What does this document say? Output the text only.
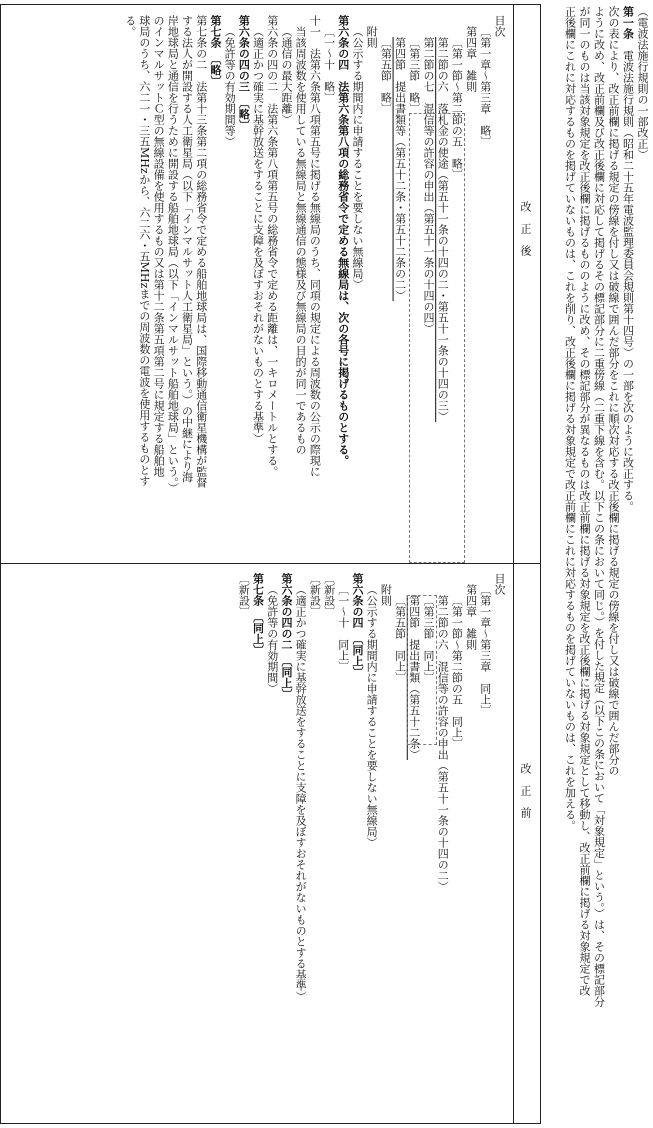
（電波法施行規則の一部改正）
第一条　電波法施行規則（昭和二十五年電波監理委員会規則第十四号）の一部を次のように改正する。
次の表により、改正前欄に掲げる規定の傍線を付し又は破線で囲んだ部分をこれに順次対応する改正後欄に掲げる規定の傍線を付し又は破線で囲んだ部分の
ように改め、改正前欄及び改正後欄に対応して掲げるその標記部分に二重傍線（二重下線を含む。以下この条において同じ。）を付した規定（以下この条において「対象規定」という。）は、その標記部分
が同一のものは当該対象規定を改正後欄に掲げるもののように改め、その標記部分が異なるものは改正前欄に掲げる対象規定を改正後欄に掲げる対象規定として移動し、改正前欄に掲げる対象規定で改
正後欄にこれに対応するものを掲げていないものは、これを削り、改正後欄に掲げる対象規定で改正前欄にこれに対応するものを掲げていないものは、これを加える。
改　正　後
改　正　前
目次
〔第一章～第三章　略〕
第四章　雑則
〔第一節～第二節の五　略〕
第二節の六　落札金の使途（第五十一条の十四の二・第五十一条の十四の三）
第二節の七　混信等の許容の申出（第五十一条の十四の四）
〔第三節　略〕
第四節　提出書類等（第五十二条・第五十二条の二）
〔第五節　略〕
附則
（公示する期間内に申請することを要しない無線局）
第六条の四　法第六条第八項の総務省令で定める無線局は、次の各号に掲げるものとする。
〔一～十　略〕
十一　法第六条第八項第五号に掲げる無線局のうち、同項の規定による周波数の公示の際現に
当該周波数を使用している無線局と無線通信の態様及び無線局の目的が同一であるもの
（通信の最大距離）
第六条の四の二　法第六条第八項第五号の総務省令で定める距離は、一キロメートルとする。
（適正かつ確実に基幹放送をすることに支障を及ぼすおそれがないものとする基準）
第六条の四の三　〔略〕
（免許等の有効期間等）
第七条　〔略〕
第七条の二　法第十三条第二項の総務省令で定める船舶地球局は、国際移動通信衛星機構が監督
する法人が開設する人工衛星局（以下「インマルサット人工衛星局」という。）の中継により海
岸地球局と通信を行うために開設する船舶地球局（以下「インマルサット船舶地球局」という。）
のインマルサットＣ型の無線設備を使用するもの又は第十二条第五項第二号に規定する船舶地
球局のうち、六二一・三五MHzから、六二六・五MHzまでの周波数の電波を使用するものとす
る。
目次
〔第一章～第三章　同上〕
第四章　雑則
〔第一節～第二節の五　同上〕
第二節の六　混信等の許容の申出（第五十一条の十四の二）
〔第三節　同上〕
第四節　提出書類（第五十二条）
〔第五節　同上〕
附則
（公示する期間内に申請することを要しない無線局）
第六条の四　〔同上〕
〔一～十　同上〕
〔新設〕
〔新設〕
（適正かつ確実に基幹放送をすることに支障を及ぼすおそれがないものとする基準）
第六条の四の二　〔同上〕
（免許等の有効期間）
第七条　〔同上〕
〔新設〕
